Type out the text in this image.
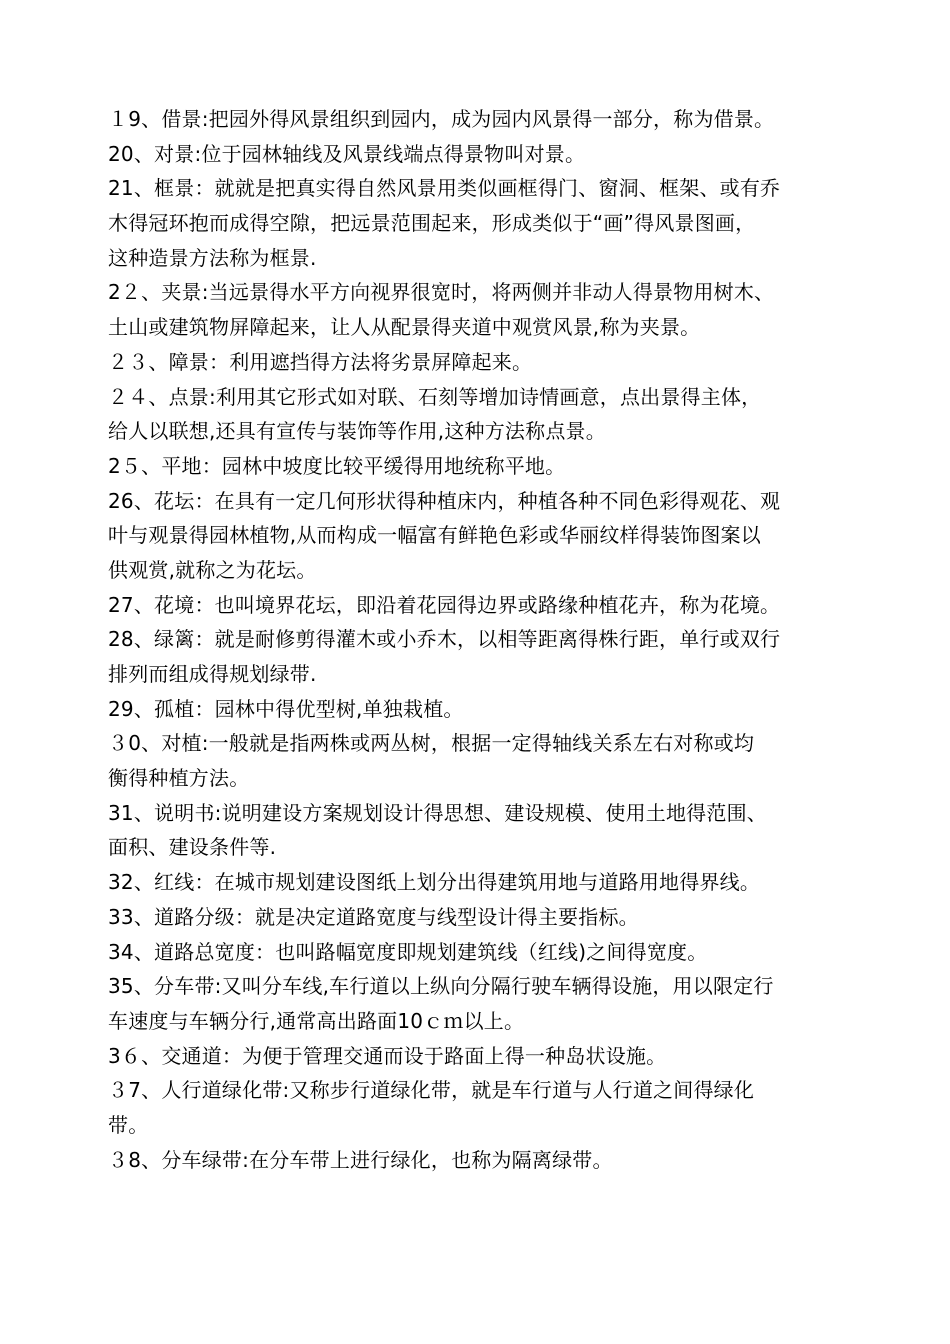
１9、借景:把园外得风景组织到园内，成为园内风景得一部分，称为借景。
20、对景:位于园林轴线及风景线端点得景物叫对景。
21、框景：就就是把真实得自然风景用类似画框得门、窗洞、框架、或有乔
木得冠环抱而成得空隙，把远景范围起来，形成类似于“画”得风景图画，
这种造景方法称为框景.
2２、夹景:当远景得水平方向视界很宽时，将两侧并非动人得景物用树木、
土山或建筑物屏障起来，让人从配景得夹道中观赏风景,称为夹景。
２３、障景：利用遮挡得方法将劣景屏障起来。
２４、点景:利用其它形式如对联、石刻等增加诗情画意，点出景得主体，
给人以联想,还具有宣传与装饰等作用,这种方法称点景。
2５、平地：园林中坡度比较平缓得用地统称平地。
26、花坛：在具有一定几何形状得种植床内，种植各种不同色彩得观花、观
叶与观景得园林植物,从而构成一幅富有鲜艳色彩或华丽纹样得装饰图案以
供观赏,就称之为花坛。
27、花境：也叫境界花坛，即沿着花园得边界或路缘种植花卉，称为花境。
28、绿篱：就是耐修剪得灌木或小乔木，以相等距离得株行距，单行或双行
排列而组成得规划绿带.
29、孤植：园林中得优型树,单独栽植。
３0、对植:一般就是指两株或两丛树，根据一定得轴线关系左右对称或均
衡得种植方法。
31、说明书:说明建设方案规划设计得思想、建设规模、使用土地得范围、
面积、建设条件等.
32、红线：在城市规划建设图纸上划分出得建筑用地与道路用地得界线。
33、道路分级：就是决定道路宽度与线型设计得主要指标。
34、道路总宽度：也叫路幅宽度即规划建筑线（红线)之间得宽度。
35、分车带:又叫分车线,车行道以上纵向分隔行驶车辆得设施，用以限定行
车速度与车辆分行,通常高出路面10ｃｍ以上。
3６、交通道：为便于管理交通而设于路面上得一种岛状设施。
３7、人行道绿化带:又称步行道绿化带，就是车行道与人行道之间得绿化
带。
３8、分车绿带:在分车带上进行绿化，也称为隔离绿带。
